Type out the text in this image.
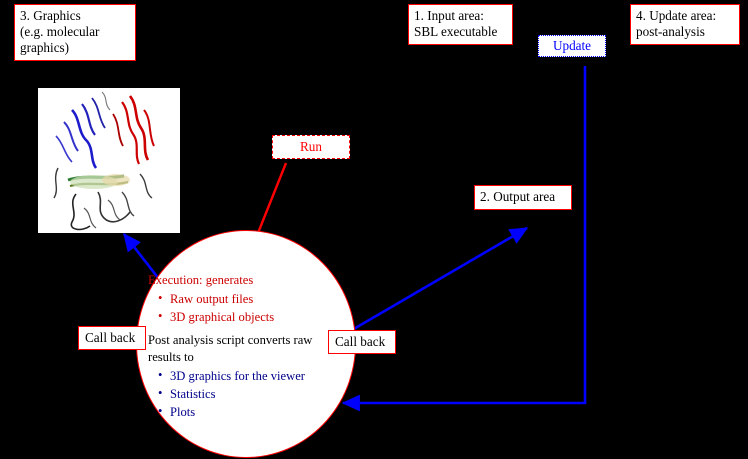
3. Graphics
(e.g. molecular
graphics)
1. Input area:
SBL executable
4. Update area:
post-analysis
Update
Run
2. Output area
Execution: generates
• Raw output files
• 3D graphical objects
Post analysis script converts raw
results to
• 3D graphics for the viewer
• Statistics
• Plots
Call back	Call back
